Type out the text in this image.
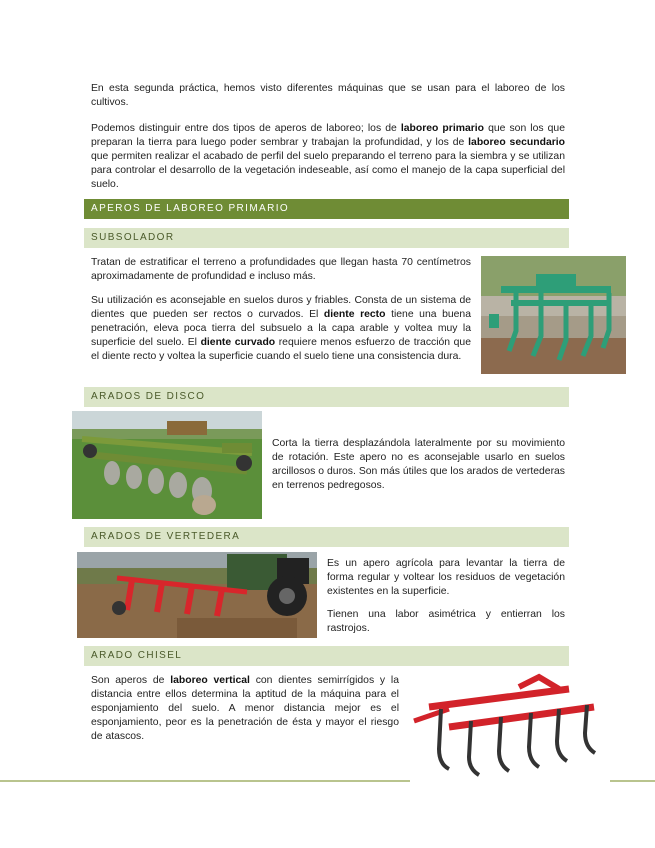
En esta segunda práctica, hemos visto diferentes máquinas que se usan para el laboreo de los cultivos.

Podemos distinguir entre dos tipos de aperos de laboreo; los de laboreo primario que son los que preparan la tierra para luego poder sembrar y trabajan la profundidad, y los de laboreo secundario que permiten realizar el acabado de perfil del suelo preparando el terreno para la siembra y se utilizan para controlar el desarrollo de la vegetación indeseable, así como el manejo de la capa superficial del suelo.

APEROS DE LABOREO PRIMARIO
SUBSOLADOR

Tratan de estratificar el terreno a profundidades que llegan hasta 70 centímetros aproximadamente de profundidad e incluso más.

Su utilización es aconsejable en suelos duros y friables. Consta de un sistema de dientes que pueden ser rectos o curvados. El diente recto tiene una buena penetración, eleva poca tierra del subsuelo a la capa arable y voltea muy la superficie del suelo. El diente curvado requiere menos esfuerzo de tracción que el diente recto y voltea la superficie cuando el suelo tiene una consistencia dura.

ARADOS DE DISCO

Corta la tierra desplazándola lateralmente por su movimiento de rotación. Este apero no es aconsejable usarlo en suelos arcillosos o duros. Son más útiles que los arados de vertederas en terrenos pedregosos.

ARADOS DE VERTEDERA

Es un apero agrícola para levantar la tierra de forma regular y voltear los residuos de vegetación existentes en la superficie.

Tienen una labor asimétrica y entierran los rastrojos.

ARADO CHISEL

Son aperos de laboreo vertical con dientes semirrígidos y la distancia entre ellos determina la aptitud de la máquina para el esponjamiento del suelo. A menor distancia mejor es el esponjamiento, peor es la penetración de ésta y mayor el riesgo de atascos.
